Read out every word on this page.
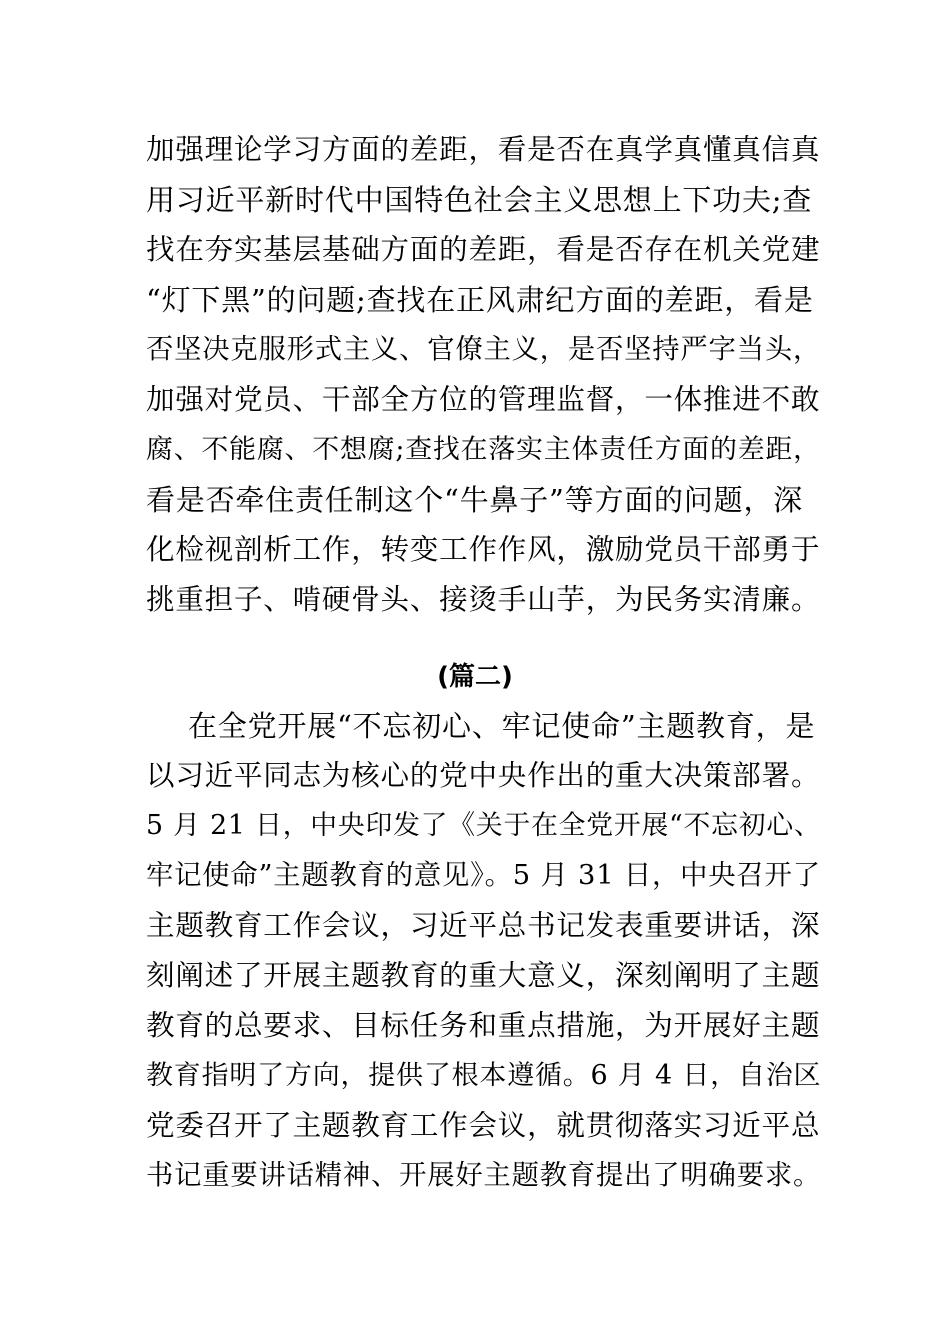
加强理论学习方面的差距，看是否在真学真懂真信真
用习近平新时代中国特色社会主义思想上下功夫;查
找在夯实基层基础方面的差距，看是否存在机关党建
“灯下黑”的问题;查找在正风肃纪方面的差距，看是
否坚决克服形式主义、官僚主义，是否坚持严字当头，
加强对党员、干部全方位的管理监督，一体推进不敢
腐、不能腐、不想腐;查找在落实主体责任方面的差距，
看是否牵住责任制这个“牛鼻子”等方面的问题，深
化检视剖析工作，转变工作作风，激励党员干部勇于
挑重担子、啃硬骨头、接烫手山芋，为民务实清廉。
(篇二)
在全党开展“不忘初心、牢记使命”主题教育，是
以习近平同志为核心的党中央作出的重大决策部署。
5 月 21 日，中央印发了《关于在全党开展“不忘初心、
牢记使命”主题教育的意见》。5 月 31 日，中央召开了
主题教育工作会议，习近平总书记发表重要讲话，深
刻阐述了开展主题教育的重大意义，深刻阐明了主题
教育的总要求、目标任务和重点措施，为开展好主题
教育指明了方向，提供了根本遵循。6 月 4 日，自治区
党委召开了主题教育工作会议，就贯彻落实习近平总
书记重要讲话精神、开展好主题教育提出了明确要求。
